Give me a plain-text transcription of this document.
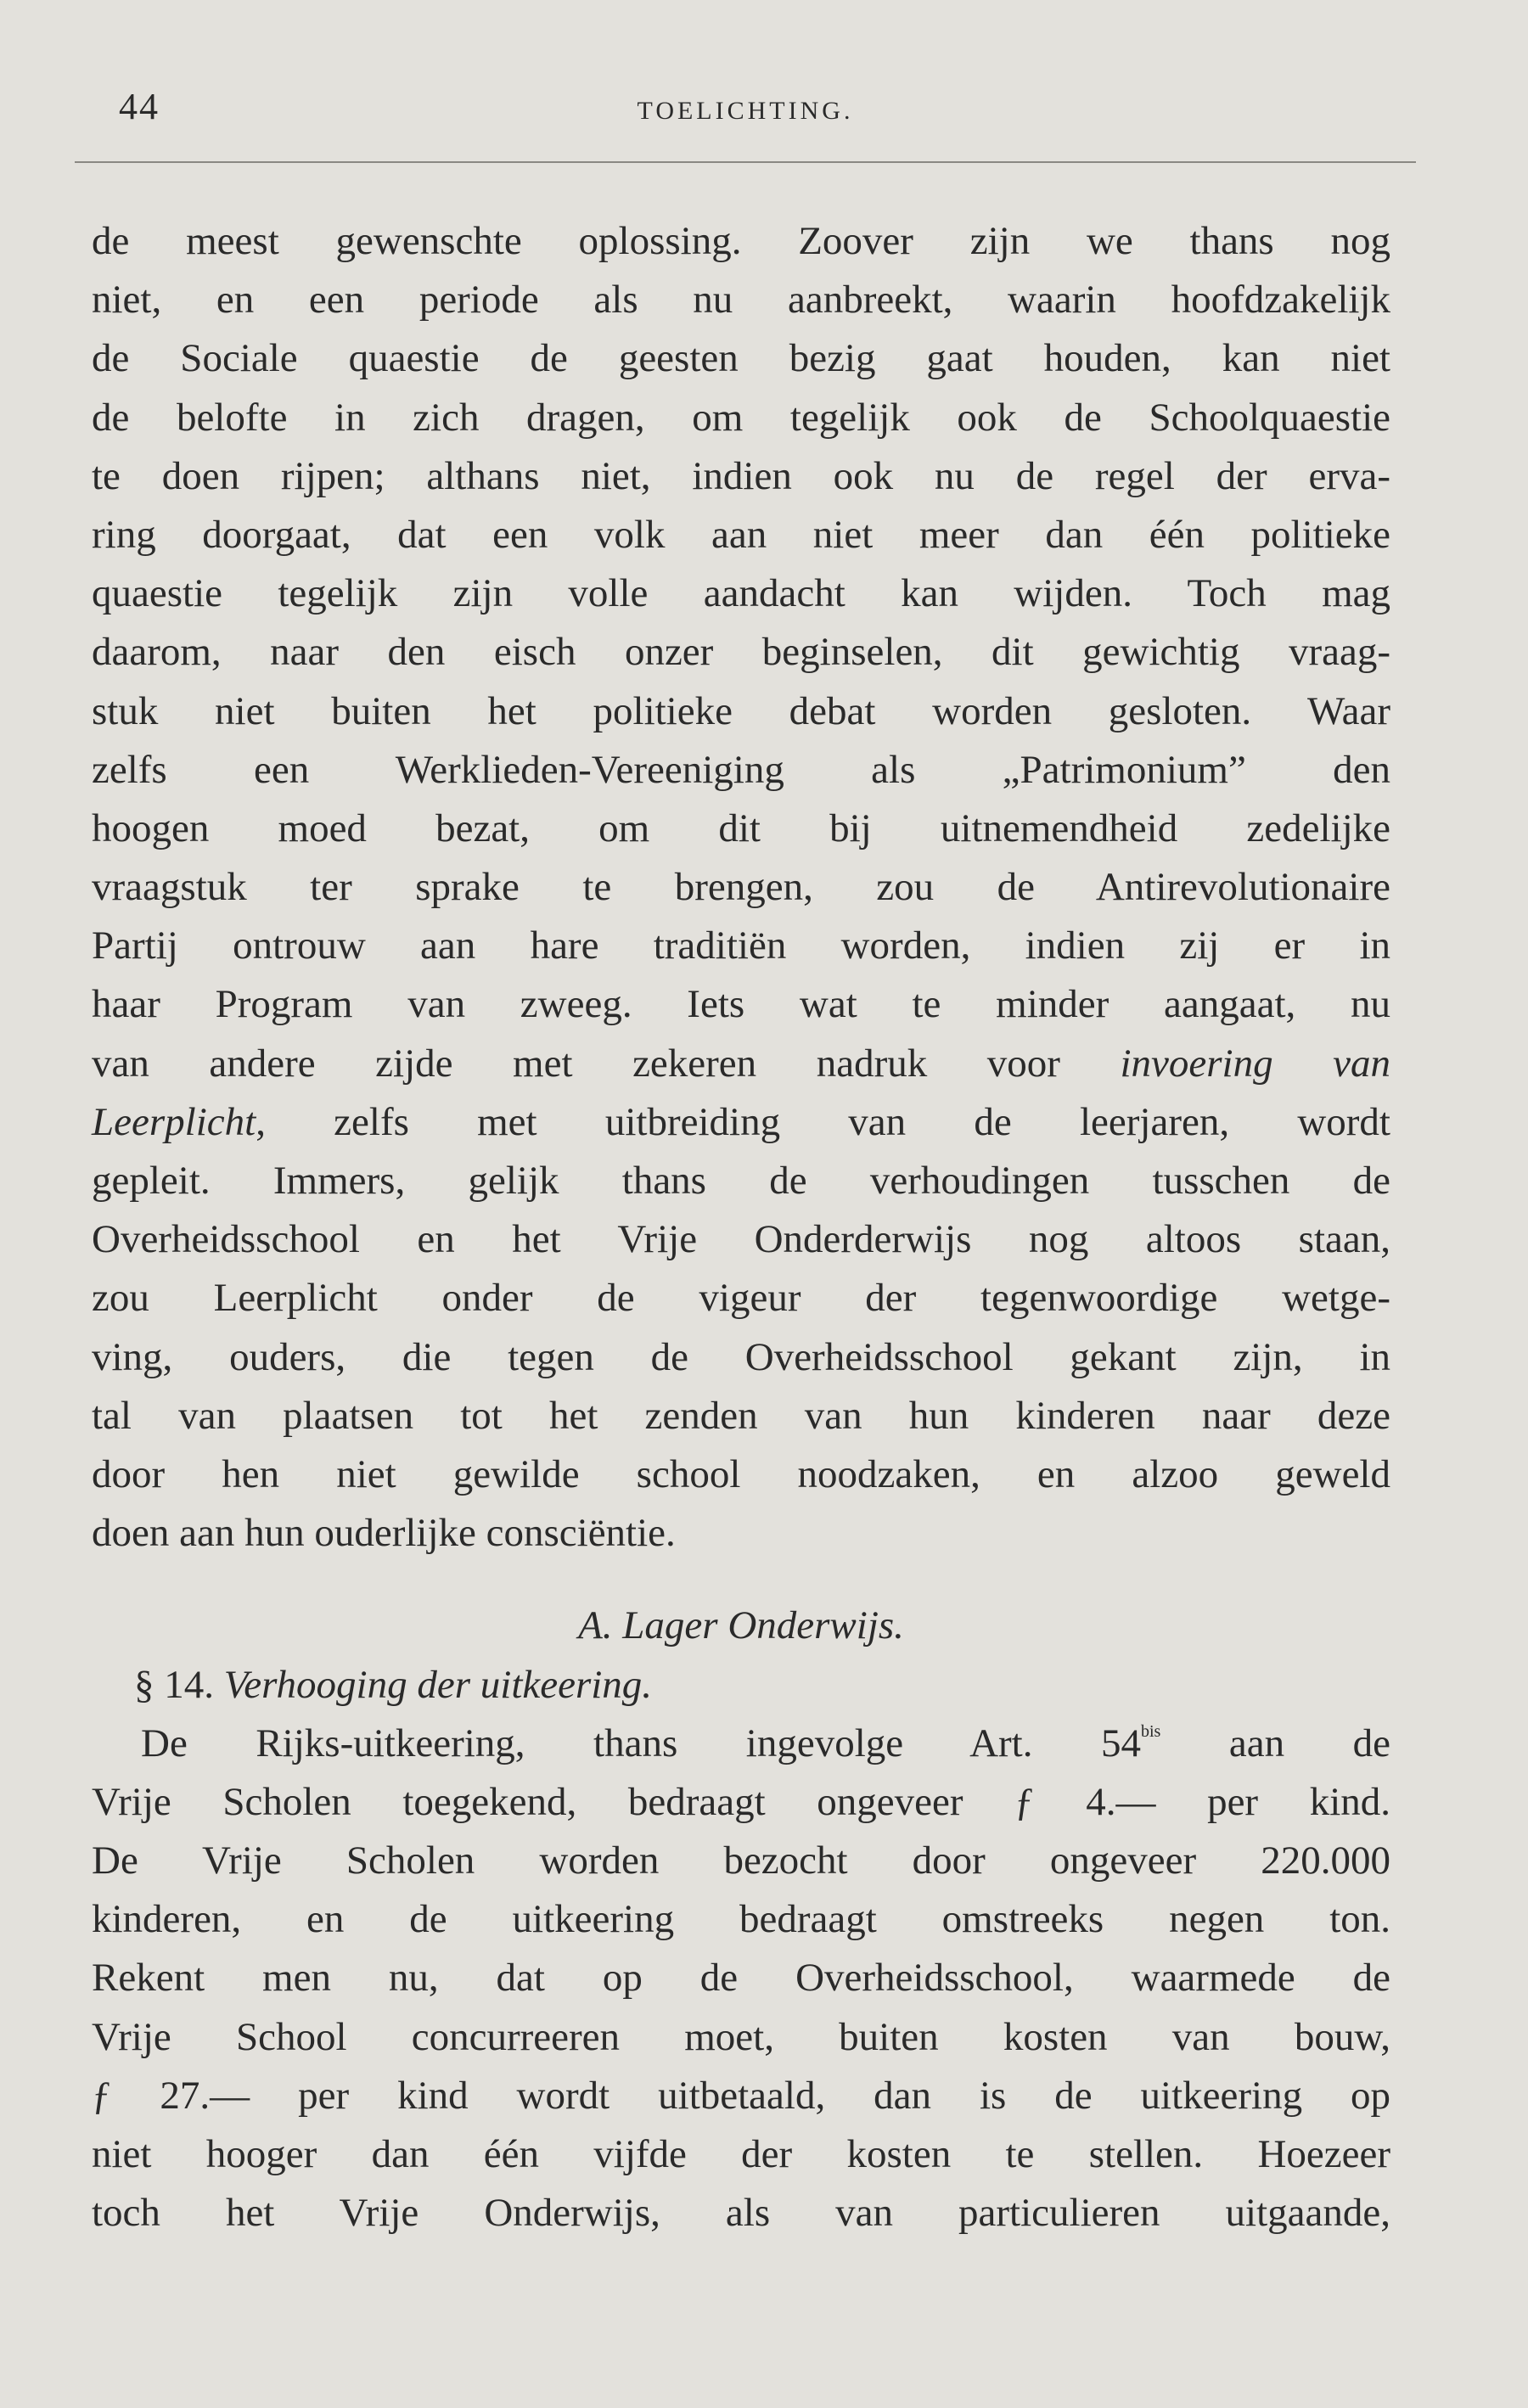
44	TOELICHTING.
de meest gewenschte oplossing. Zoover zijn we thans nog
niet, en een periode als nu aanbreekt, waarin hoofdzakelijk
de Sociale quaestie de geesten bezig gaat houden, kan niet
de belofte in zich dragen, om tegelijk ook de Schoolquaestie
te doen rijpen; althans niet, indien ook nu de regel der erva-
ring doorgaat, dat een volk aan niet meer dan één politieke
quaestie tegelijk zijn volle aandacht kan wijden. Toch mag
daarom, naar den eisch onzer beginselen, dit gewichtig vraag-
stuk niet buiten het politieke debat worden gesloten. Waar
zelfs een Werklieden-Vereeniging als „Patrimonium” den
hoogen moed bezat, om dit bij uitnemendheid zedelijke
vraagstuk ter sprake te brengen, zou de Antirevolutionaire
Partij ontrouw aan hare traditiën worden, indien zij er in
haar Program van zweeg. Iets wat te minder aangaat, nu
van andere zijde met zekeren nadruk voor invoering van
Leerplicht, zelfs met uitbreiding van de leerjaren, wordt
gepleit. Immers, gelijk thans de verhoudingen tusschen de
Overheidsschool en het Vrije Onderderwijs nog altoos staan,
zou Leerplicht onder de vigeur der tegenwoordige wetge-
ving, ouders, die tegen de Overheidsschool gekant zijn, in
tal van plaatsen tot het zenden van hun kinderen naar deze
door hen niet gewilde school noodzaken, en alzoo geweld
doen aan hun ouderlijke consciëntie.
A. Lager Onderwijs.
§ 14. Verhooging der uitkeering.
De Rijks-uitkeering, thans ingevolge Art. $54^{bis}$ aan de
Vrije Scholen toegekend, bedraagt ongeveer ƒ 4.— per kind.
De Vrije Scholen worden bezocht door ongeveer 220.000
kinderen, en de uitkeering bedraagt omstreeks negen ton.
Rekent men nu, dat op de Overheidsschool, waarmede de
Vrije School concurreeren moet, buiten kosten van bouw,
ƒ 27.— per kind wordt uitbetaald, dan is de uitkeering op
niet hooger dan één vijfde der kosten te stellen. Hoezeer
toch het Vrije Onderwijs, als van particulieren uitgaande,
